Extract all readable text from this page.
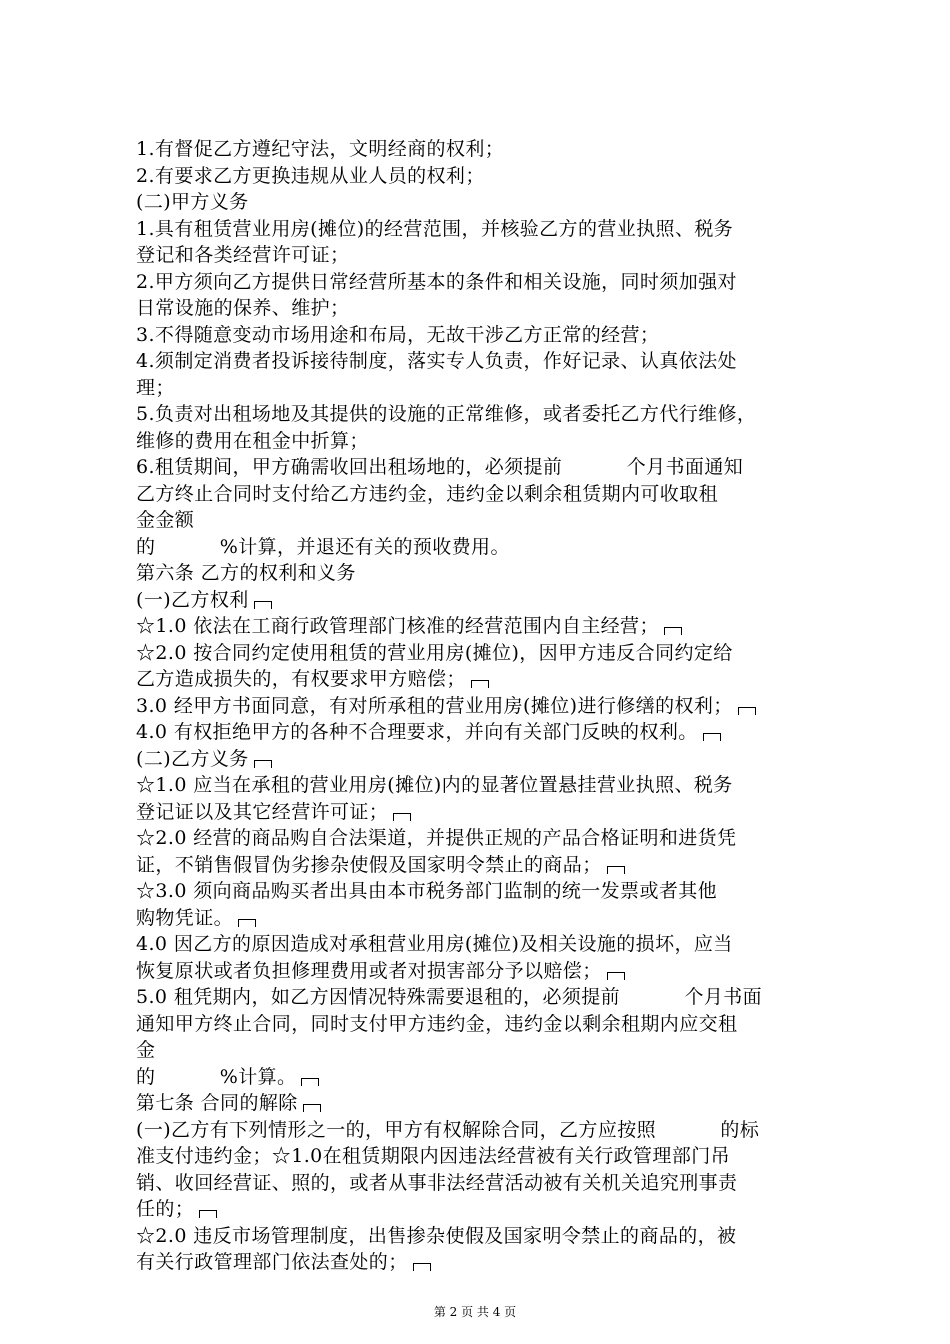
1.有督促乙方遵纪守法，文明经商的权利；
2.有要求乙方更换违规从业人员的权利；
(二)甲方义务
1.具有租赁营业用房(摊位)的经营范围，并核验乙方的营业执照、税务
登记和各类经营许可证；
2.甲方须向乙方提供日常经营所基本的条件和相关设施，同时须加强对
日常设施的保养、维护；
3.不得随意变动市场用途和布局，无故干涉乙方正常的经营；
4.须制定消费者投诉接待制度，落实专人负责，作好记录、认真依法处
理；
5.负责对出租场地及其提供的设施的正常维修，或者委托乙方代行维修，
维修的费用在租金中折算；
6.租赁期间，甲方确需收回出租场地的，必须提前          个月书面通知
乙方终止合同时支付给乙方违约金，违约金以剩余租赁期内可收取租
金金额
的          %计算，并退还有关的预收费用。
第六条 乙方的权利和义务
(一)乙方权利
☆1.0 依法在工商行政管理部门核准的经营范围内自主经营；
☆2.0 按合同约定使用租赁的营业用房(摊位)，因甲方违反合同约定给
乙方造成损失的，有权要求甲方赔偿；
3.0 经甲方书面同意，有对所承租的营业用房(摊位)进行修缮的权利；
4.0 有权拒绝甲方的各种不合理要求，并向有关部门反映的权利。
(二)乙方义务
☆1.0 应当在承租的营业用房(摊位)内的显著位置悬挂营业执照、税务
登记证以及其它经营许可证；
☆2.0 经营的商品购自合法渠道，并提供正规的产品合格证明和进货凭
证，不销售假冒伪劣掺杂使假及国家明令禁止的商品；
☆3.0 须向商品购买者出具由本市税务部门监制的统一发票或者其他
购物凭证。
4.0 因乙方的原因造成对承租营业用房(摊位)及相关设施的损坏，应当
恢复原状或者负担修理费用或者对损害部分予以赔偿；
5.0 租凭期内，如乙方因情况特殊需要退租的，必须提前          个月书面
通知甲方终止合同，同时支付甲方违约金，违约金以剩余租期内应交租
金
的          %计算。
第七条 合同的解除
(一)乙方有下列情形之一的，甲方有权解除合同，乙方应按照          的标
准支付违约金；☆1.0在租赁期限内因违法经营被有关行政管理部门吊
销、收回经营证、照的，或者从事非法经营活动被有关机关追究刑事责
任的；
☆2.0 违反市场管理制度，出售掺杂使假及国家明令禁止的商品的，被
有关行政管理部门依法查处的；
第 2 页 共 4 页
